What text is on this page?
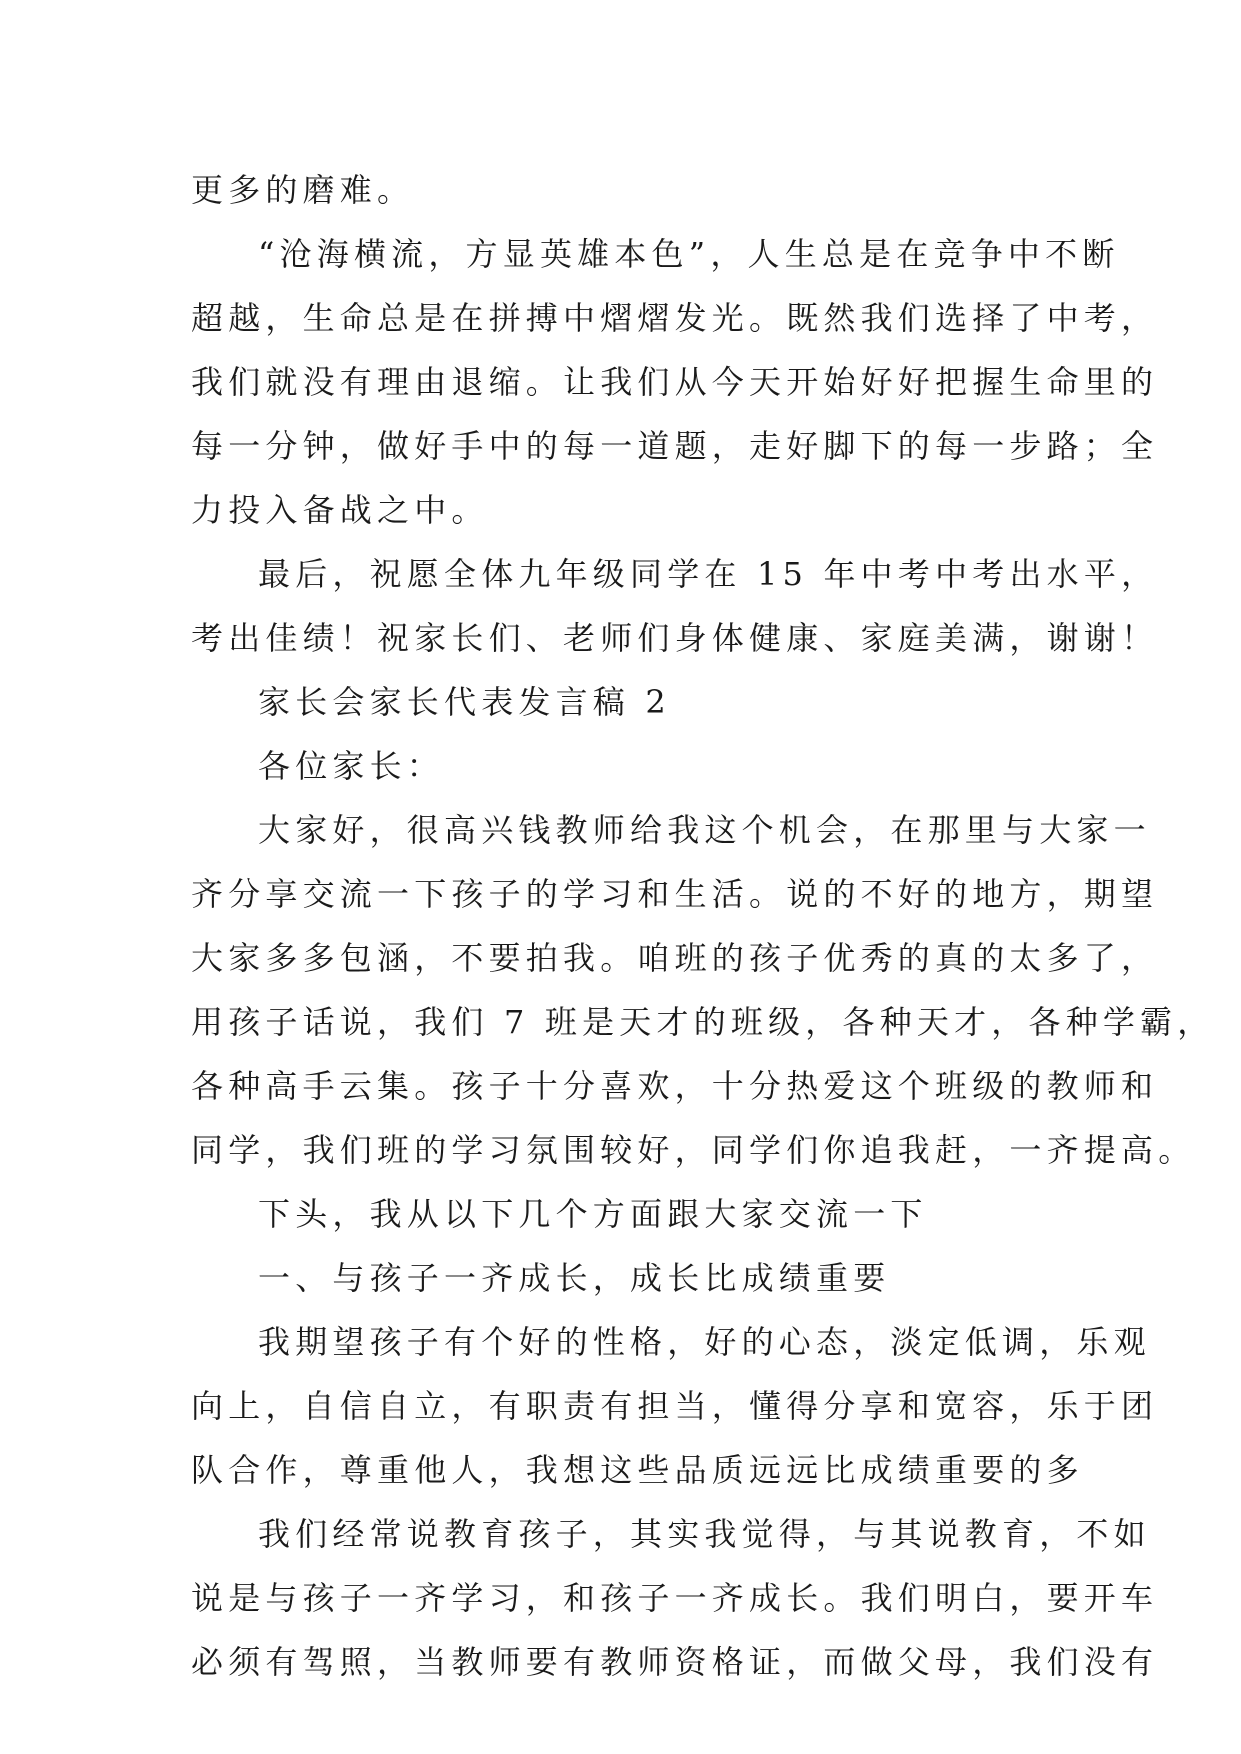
更多的磨难。
“沧海横流，方显英雄本色”，人生总是在竞争中不断
超越，生命总是在拼搏中熠熠发光。既然我们选择了中考，
我们就没有理由退缩。让我们从今天开始好好把握生命里的
每一分钟，做好手中的每一道题，走好脚下的每一步路；全
力投入备战之中。
最后，祝愿全体九年级同学在 15 年中考中考出水平，
考出佳绩！祝家长们、老师们身体健康、家庭美满，谢谢！
家长会家长代表发言稿 2
各位家长：
大家好，很高兴钱教师给我这个机会，在那里与大家一
齐分享交流一下孩子的学习和生活。说的不好的地方，期望
大家多多包涵，不要拍我。咱班的孩子优秀的真的太多了，
用孩子话说，我们 7 班是天才的班级，各种天才，各种学霸，
各种高手云集。孩子十分喜欢，十分热爱这个班级的教师和
同学，我们班的学习氛围较好，同学们你追我赶，一齐提高。
下头，我从以下几个方面跟大家交流一下
一、与孩子一齐成长，成长比成绩重要
我期望孩子有个好的性格，好的心态，淡定低调，乐观
向上，自信自立，有职责有担当，懂得分享和宽容，乐于团
队合作，尊重他人，我想这些品质远远比成绩重要的多
我们经常说教育孩子，其实我觉得，与其说教育，不如
说是与孩子一齐学习，和孩子一齐成长。我们明白，要开车
必须有驾照，当教师要有教师资格证，而做父母，我们没有
